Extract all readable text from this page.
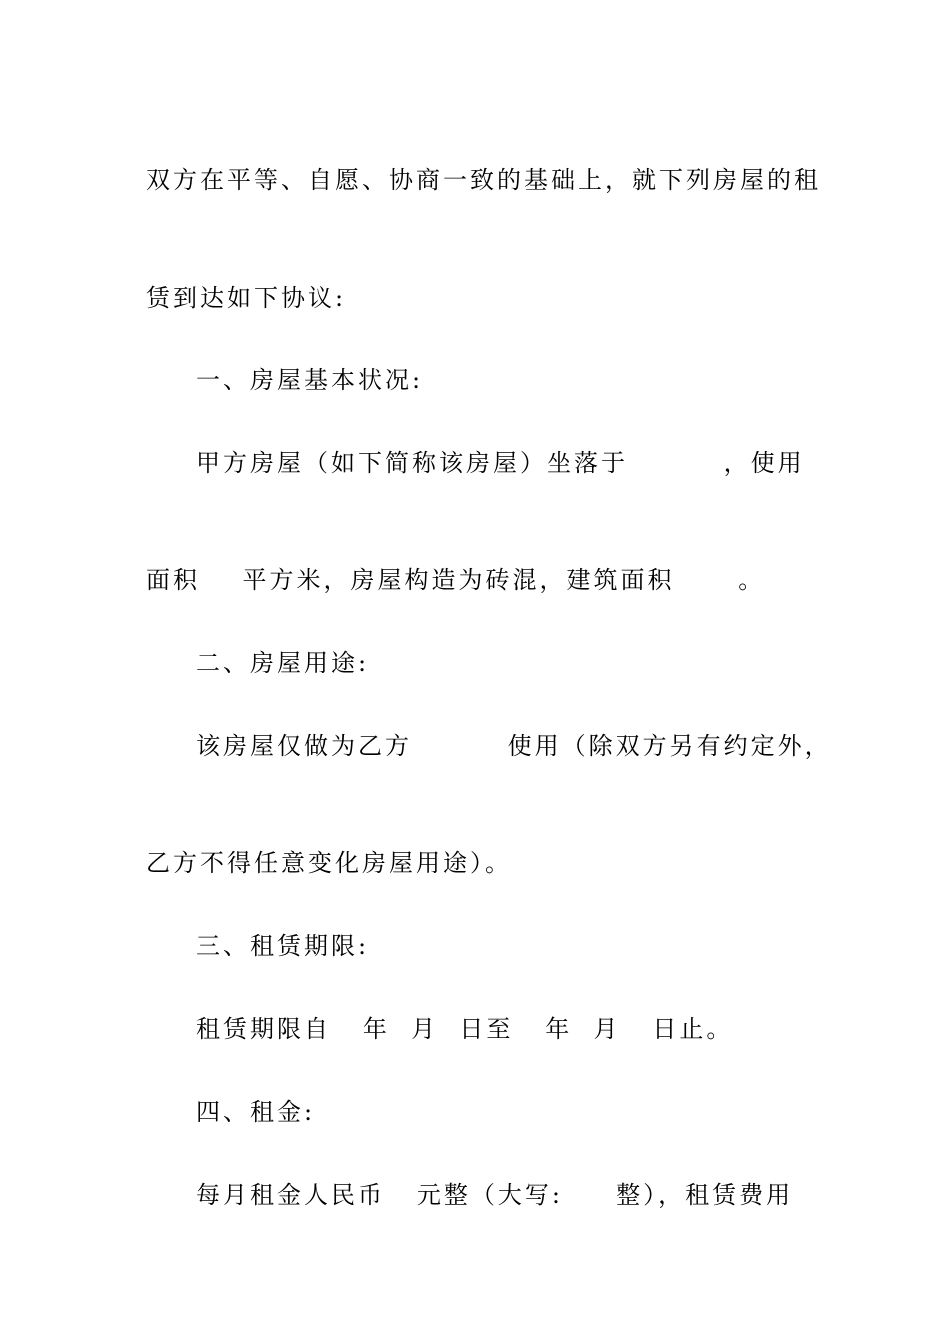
双方在平等、自愿、协商一致的基础上，就下列房屋的租
赁到达如下协议:
一、房屋基本状况:
甲方房屋（如下简称该房屋）坐落于         ，使用
面积    平方米，房屋构造为砖混，建筑面积      。
二、房屋用途:
该房屋仅做为乙方         使用（除双方另有约定外，
乙方不得任意变化房屋用途）。
三、租赁期限:
租赁期限自   年  月  日至   年  月   日止。
四、租金:
每月租金人民币   元整（大写:     整），租赁费用
